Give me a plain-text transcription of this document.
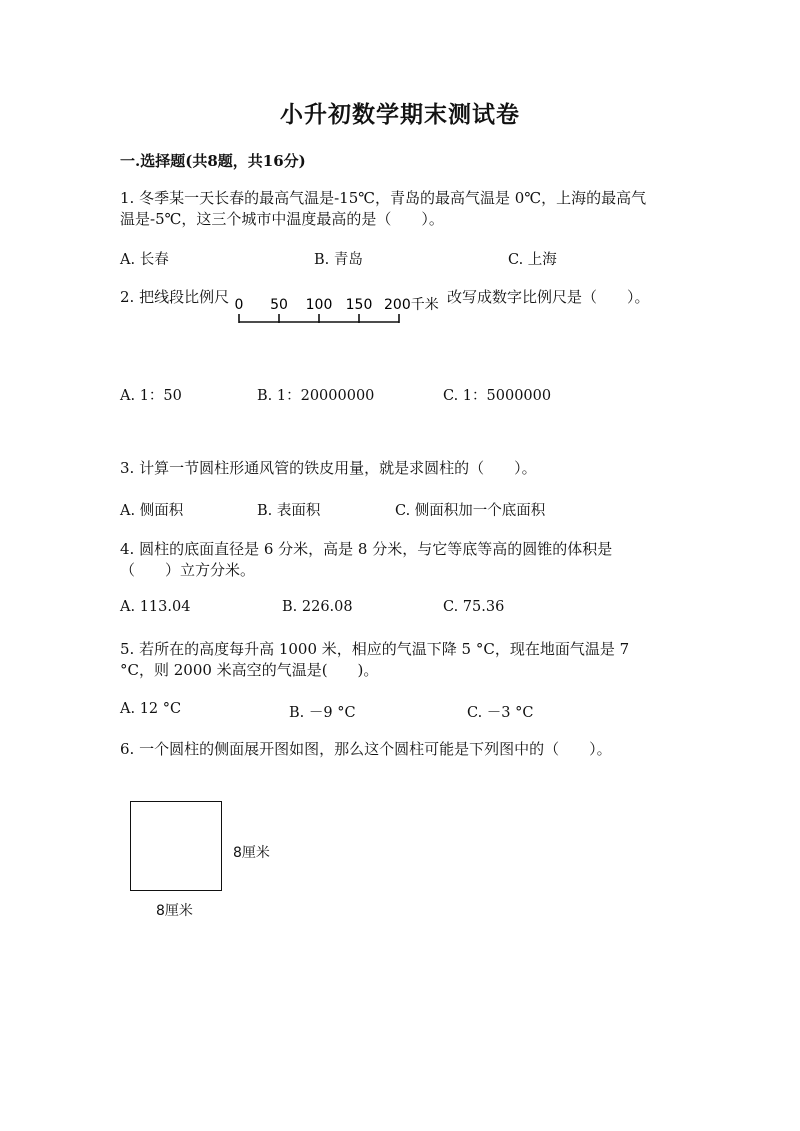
小升初数学期末测试卷
一.选择题(共8题，共16分)
1. 冬季某一天长春的最高气温是-15℃，青岛的最高气温是 0℃，上海的最高气
温是-5℃，这三个城市中温度最高的是（　　）。
A. 长春	B. 青岛	C. 上海
2. 把线段比例尺 0 50 100 150 200千米 改写成数字比例尺是（　　）。
A. 1：50	B. 1：20000000	C. 1：5000000
3. 计算一节圆柱形通风管的铁皮用量，就是求圆柱的（　　）。
A. 侧面积	B. 表面积	C. 侧面积加一个底面积
4. 圆柱的底面直径是 6 分米，高是 8 分米，与它等底等高的圆锥的体积是
（　　）立方分米。
A. 113.04	B. 226.08	C. 75.36
5. 若所在的高度每升高 1000 米，相应的气温下降 5 °C，现在地面气温是 7
°C，则 2000 米高空的气温是(　　)。
A. 12 °C	B. －9 °C	C. －3 °C
6. 一个圆柱的侧面展开图如图，那么这个圆柱可能是下列图中的（　　）。
8厘米
8厘米
